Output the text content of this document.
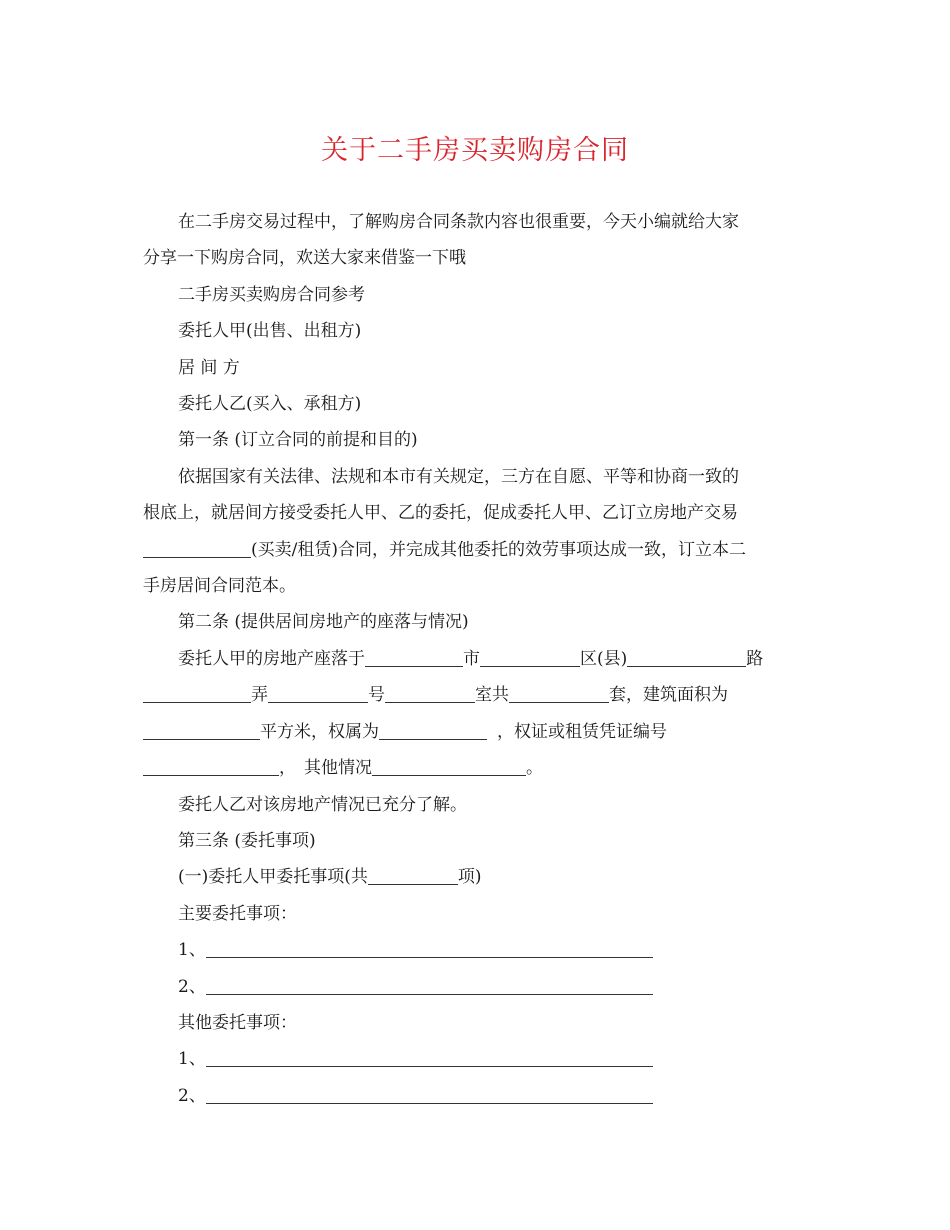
关于二手房买卖购房合同

在二手房交易过程中，了解购房合同条款内容也很重要，今天小编就给大家

分享一下购房合同，欢送大家来借鉴一下哦

二手房买卖购房合同参考

委托人甲(出售、出租方)

居 间 方

委托人乙(买入、承租方)

第一条 (订立合同的前提和目的)

依据国家有关法律、法规和本市有关规定，三方在自愿、平等和协商一致的

根底上，就居间方接受委托人甲、乙的委托，促成委托人甲、乙订立房地产交易

(买卖/租赁)合同，并完成其他委托的效劳事项达成一致，订立本二

手房居间合同范本。

第二条 (提供居间房地产的座落与情况)

委托人甲的房地产座落于	市	区(县)	路

弄	号	室共	套，建筑面积为

平方米，权属为	，权证或租赁凭证编号

， 其他情况	。

委托人乙对该房地产情况已充分了解。

第三条 (委托事项)

(一)委托人甲委托事项(共	项)

主要委托事项：

1、

2、

其他委托事项：

1、

2、
